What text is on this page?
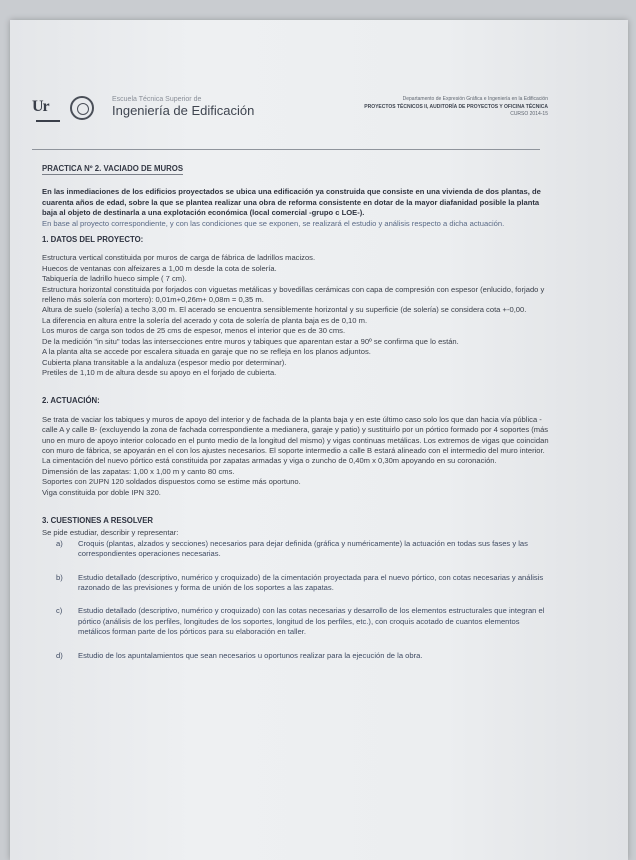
Ur	Escuela Técnica Superior de
Ingeniería de Edificación
Departamento de Expresión Gráfica e Ingeniería en la Edificación
PROYECTOS TÉCNICOS II, AUDITORÍA DE PROYECTOS Y OFICINA TÉCNICA
CURSO 2014-15
PRACTICA Nº 2. VACIADO DE MUROS

En las inmediaciones de los edificios proyectados se ubica una edificación ya construida que consiste en una vivienda de dos plantas, de cuarenta años de edad, sobre la que se plantea realizar una obra de reforma consistente en dotar de la mayor diafanidad posible la planta baja al objeto de destinarla a una explotación económica (local comercial -grupo c LOE-).

En base al proyecto correspondiente, y con las condiciones que se exponen, se realizará el estudio y análisis respecto a dicha actuación.

1. DATOS DEL PROYECTO:

Estructura vertical constituida por muros de carga de fábrica de ladrillos macizos.

Huecos de ventanas con alfeizares a 1,00 m desde la cota de solería.

Tabiquería de ladrillo hueco simple ( 7 cm).

Estructura horizontal constituida por forjados con viguetas metálicas y bovedillas cerámicas con capa de compresión con espesor (enlucido, forjado y relleno más solería con mortero): 0,01m+0,26m+ 0,08m = 0,35 m.

Altura de suelo (solería) a techo 3,00 m. El acerado se encuentra sensiblemente horizontal y su superficie (de solería) se considera cota +-0,00.

La diferencia en altura entre la solería del acerado y cota de solería de planta baja es de 0,10 m.

Los muros de carga son todos de 25 cms de espesor, menos el interior que es de 30 cms.

De la medición "in situ" todas las intersecciones entre muros y tabiques que aparentan estar a 90º se confirma que lo están.

A la planta alta se accede por escalera situada en garaje que no se refleja en los planos adjuntos.

Cubierta plana transitable a la andaluza (espesor medio por determinar).

Pretiles de 1,10 m de altura desde su apoyo en el forjado de cubierta.

2. ACTUACIÓN:

Se trata de vaciar los tabiques y muros de apoyo del interior y de fachada de la planta baja y en este último caso solo los que dan hacia vía pública -calle A y calle B- (excluyendo la zona de fachada correspondiente a medianera, garaje y patio) y sustituirlo por un pórtico formado por 4 soportes (más uno en muro de apoyo interior colocado en el punto medio de la longitud del mismo) y vigas continuas metálicas. Los extremos de vigas que coincidan con muro de fábrica, se apoyarán en el con los ajustes necesarios. El soporte intermedio a calle B estará alineado con el intermedio del muro interior.

La cimentación del nuevo pórtico está constituida por zapatas armadas y viga o zuncho de 0,40m x 0,30m apoyando en su coronación.

Dimensión de las zapatas: 1,00 x 1,00 m y canto 80 cms.

Soportes con 2UPN 120 soldados dispuestos como se estime más oportuno.

Viga constituida por doble IPN 320.

3. CUESTIONES A RESOLVER

Se pide estudiar, describir y representar:

a)	Croquis (plantas, alzados y secciones) necesarios para dejar definida (gráfica y numéricamente) la actuación en todas sus fases y las correspondientes operaciones necesarias.
b)	Estudio detallado (descriptivo, numérico y croquizado) de la cimentación proyectada para el nuevo pórtico, con cotas necesarias y análisis razonado de las previsiones y forma de unión de los soportes a las zapatas.
c)	Estudio detallado (descriptivo, numérico y croquizado) con las cotas necesarias y desarrollo de los elementos estructurales que integran el pórtico (análisis de los perfiles, longitudes de los soportes, longitud de los perfiles, etc.), con croquis acotado de cuantos elementos metálicos forman parte de los pórticos para su elaboración en taller.
d)	Estudio de los apuntalamientos que sean necesarios u oportunos realizar para la ejecución de la obra.
